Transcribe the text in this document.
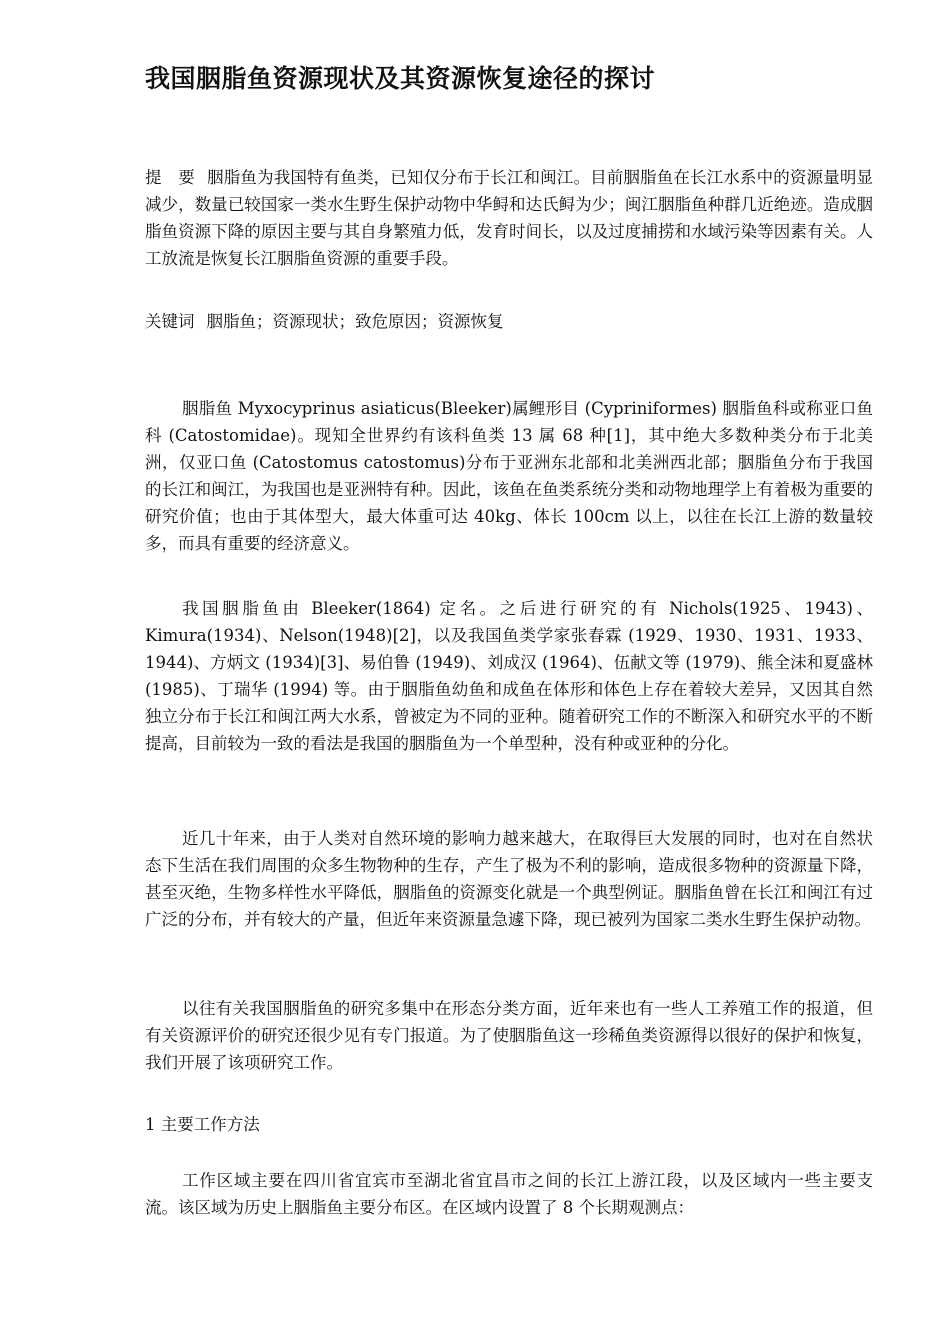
我国胭脂鱼资源现状及其资源恢复途径的探讨
提　要 胭脂鱼为我国特有鱼类，已知仅分布于长江和闽江。目前胭脂鱼在长江水系中的资源量明显减少，数量已较国家一类水生野生保护动物中华鲟和达氏鲟为少；闽江胭脂鱼种群几近绝迹。造成胭脂鱼资源下降的原因主要与其自身繁殖力低，发育时间长，以及过度捕捞和水域污染等因素有关。人工放流是恢复长江胭脂鱼资源的重要手段。
关键词 胭脂鱼；资源现状；致危原因；资源恢复
胭脂鱼 Myxocyprinus asiaticus(Bleeker)属鲤形目 (Cypriniformes) 胭脂鱼科或称亚口鱼科 (Catostomidae)。现知全世界约有该科鱼类 13 属 68 种[1]，其中绝大多数种类分布于北美洲，仅亚口鱼 (Catostomus catostomus)分布于亚洲东北部和北美洲西北部；胭脂鱼分布于我国的长江和闽江，为我国也是亚洲特有种。因此，该鱼在鱼类系统分类和动物地理学上有着极为重要的研究价值；也由于其体型大，最大体重可达 40kg、体长 100cm 以上，以往在长江上游的数量较多，而具有重要的经济意义。
我国胭脂鱼由 Bleeker(1864) 定名。之后进行研究的有 Nichols(1925、1943)、Kimura(1934)、Nelson(1948)[2]，以及我国鱼类学家张春霖 (1929、1930、1931、1933、1944)、方炳文 (1934)[3]、易伯鲁 (1949)、刘成汉 (1964)、伍献文等 (1979)、熊全沫和夏盛林 (1985)、丁瑞华 (1994) 等。由于胭脂鱼幼鱼和成鱼在体形和体色上存在着较大差异，又因其自然独立分布于长江和闽江两大水系，曾被定为不同的亚种。随着研究工作的不断深入和研究水平的不断提高，目前较为一致的看法是我国的胭脂鱼为一个单型种，没有种或亚种的分化。
近几十年来，由于人类对自然环境的影响力越来越大，在取得巨大发展的同时，也对在自然状态下生活在我们周围的众多生物物种的生存，产生了极为不利的影响，造成很多物种的资源量下降，甚至灭绝，生物多样性水平降低，胭脂鱼的资源变化就是一个典型例证。胭脂鱼曾在长江和闽江有过广泛的分布，并有较大的产量，但近年来资源量急遽下降，现已被列为国家二类水生野生保护动物。
以往有关我国胭脂鱼的研究多集中在形态分类方面，近年来也有一些人工养殖工作的报道，但有关资源评价的研究还很少见有专门报道。为了使胭脂鱼这一珍稀鱼类资源得以很好的保护和恢复，我们开展了该项研究工作。
1 主要工作方法
工作区域主要在四川省宜宾市至湖北省宜昌市之间的长江上游江段，以及区域内一些主要支流。该区域为历史上胭脂鱼主要分布区。在区域内设置了 8 个长期观测点：
